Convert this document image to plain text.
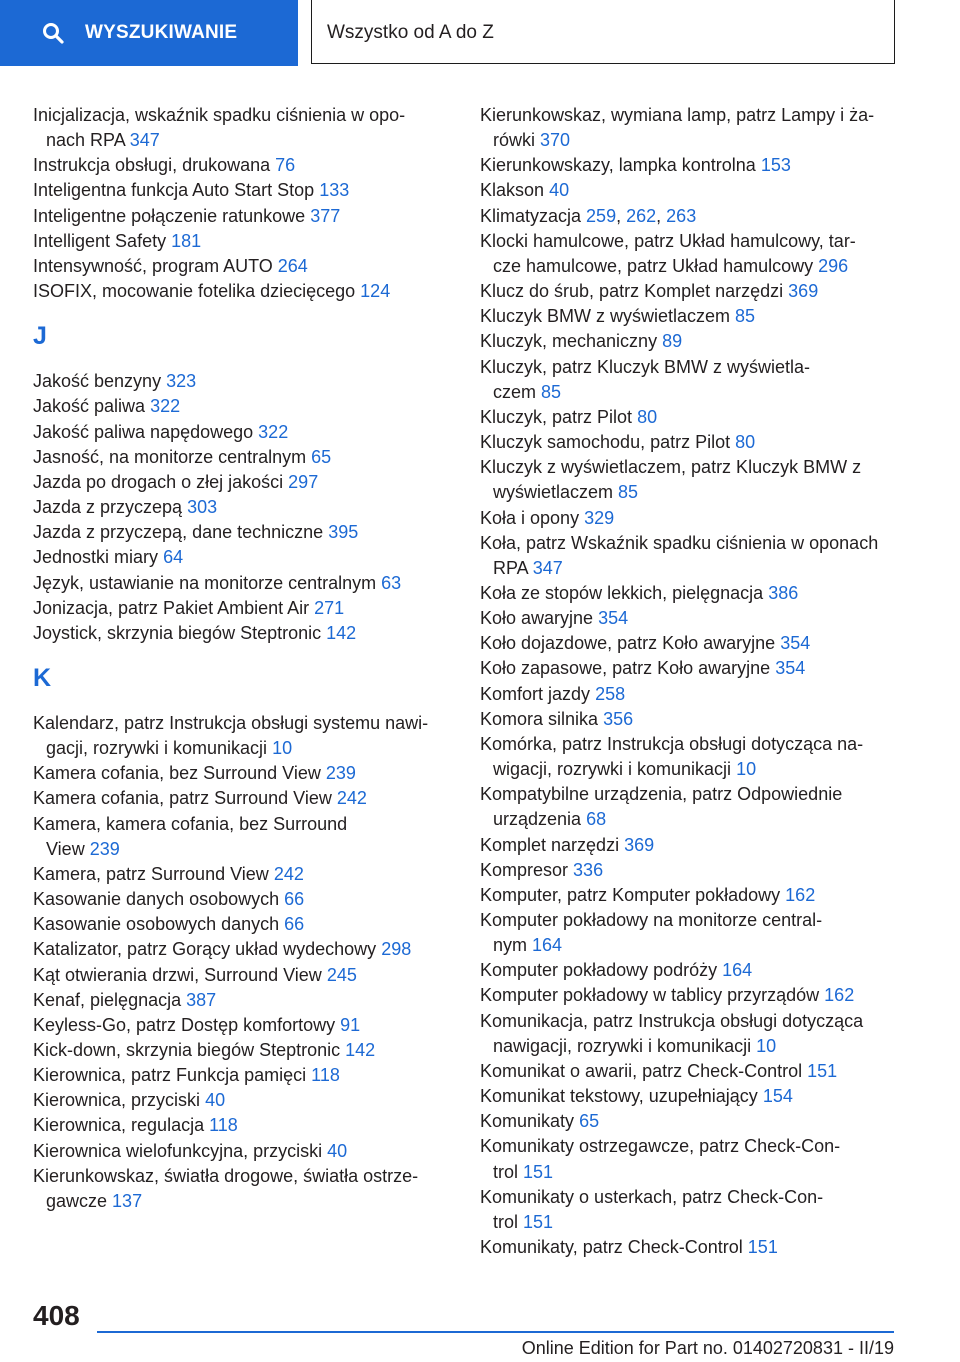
WYSZUKIWANIE	Wszystko od A do Z
Inicjalizacja, wskaźnik spadku ciśnienia w opo‐
nach RPA 347
Instrukcja obsługi, drukowana 76
Inteligentna funkcja Auto Start Stop 133
Inteligentne połączenie ratunkowe 377
Intelligent Safety 181
Intensywność, program AUTO 264
ISOFIX, mocowanie fotelika dziecięcego 124
J
Jakość benzyny 323
Jakość paliwa 322
Jakość paliwa napędowego 322
Jasność, na monitorze centralnym 65
Jazda po drogach o złej jakości 297
Jazda z przyczepą 303
Jazda z przyczepą, dane techniczne 395
Jednostki miary 64
Język, ustawianie na monitorze centralnym 63
Jonizacja, patrz Pakiet Ambient Air 271
Joystick, skrzynia biegów Steptronic 142
K
Kalendarz, patrz Instrukcja obsługi systemu nawi‐
gacji, rozrywki i komunikacji 10
Kamera cofania, bez Surround View 239
Kamera cofania, patrz Surround View 242
Kamera, kamera cofania, bez Surround
View 239
Kamera, patrz Surround View 242
Kasowanie danych osobowych 66
Kasowanie osobowych danych 66
Katalizator, patrz Gorący układ wydechowy 298
Kąt otwierania drzwi, Surround View 245
Kenaf, pielęgnacja 387
Keyless-Go, patrz Dostęp komfortowy 91
Kick-down, skrzynia biegów Steptronic 142
Kierownica, patrz Funkcja pamięci 118
Kierownica, przyciski 40
Kierownica, regulacja 118
Kierownica wielofunkcyjna, przyciski 40
Kierunkowskaz, światła drogowe, światła ostrze‐
gawcze 137
Kierunkowskaz, wymiana lamp, patrz Lampy i ża‐
rówki 370
Kierunkowskazy, lampka kontrolna 153
Klakson 40
Klimatyzacja 259, 262, 263
Klocki hamulcowe, patrz Układ hamulcowy, tar‐
cze hamulcowe, patrz Układ hamulcowy 296
Klucz do śrub, patrz Komplet narzędzi 369
Kluczyk BMW z wyświetlaczem 85
Kluczyk, mechaniczny 89
Kluczyk, patrz Kluczyk BMW z wyświetla‐
czem 85
Kluczyk, patrz Pilot 80
Kluczyk samochodu, patrz Pilot 80
Kluczyk z wyświetlaczem, patrz Kluczyk BMW z
wyświetlaczem 85
Koła i opony 329
Koła, patrz Wskaźnik spadku ciśnienia w oponach
RPA 347
Koła ze stopów lekkich, pielęgnacja 386
Koło awaryjne 354
Koło dojazdowe, patrz Koło awaryjne 354
Koło zapasowe, patrz Koło awaryjne 354
Komfort jazdy 258
Komora silnika 356
Komórka, patrz Instrukcja obsługi dotycząca na‐
wigacji, rozrywki i komunikacji 10
Kompatybilne urządzenia, patrz Odpowiednie
urządzenia 68
Komplet narzędzi 369
Kompresor 336
Komputer, patrz Komputer pokładowy 162
Komputer pokładowy na monitorze central‐
nym 164
Komputer pokładowy podróży 164
Komputer pokładowy w tablicy przyrządów 162
Komunikacja, patrz Instrukcja obsługi dotycząca
nawigacji, rozrywki i komunikacji 10
Komunikat o awarii, patrz Check-Control 151
Komunikat tekstowy, uzupełniający 154
Komunikaty 65
Komunikaty ostrzegawcze, patrz Check-Con‐
trol 151
Komunikaty o usterkach, patrz Check-Con‐
trol 151
Komunikaty, patrz Check-Control 151
408
Online Edition for Part no. 01402720831 - II/19
